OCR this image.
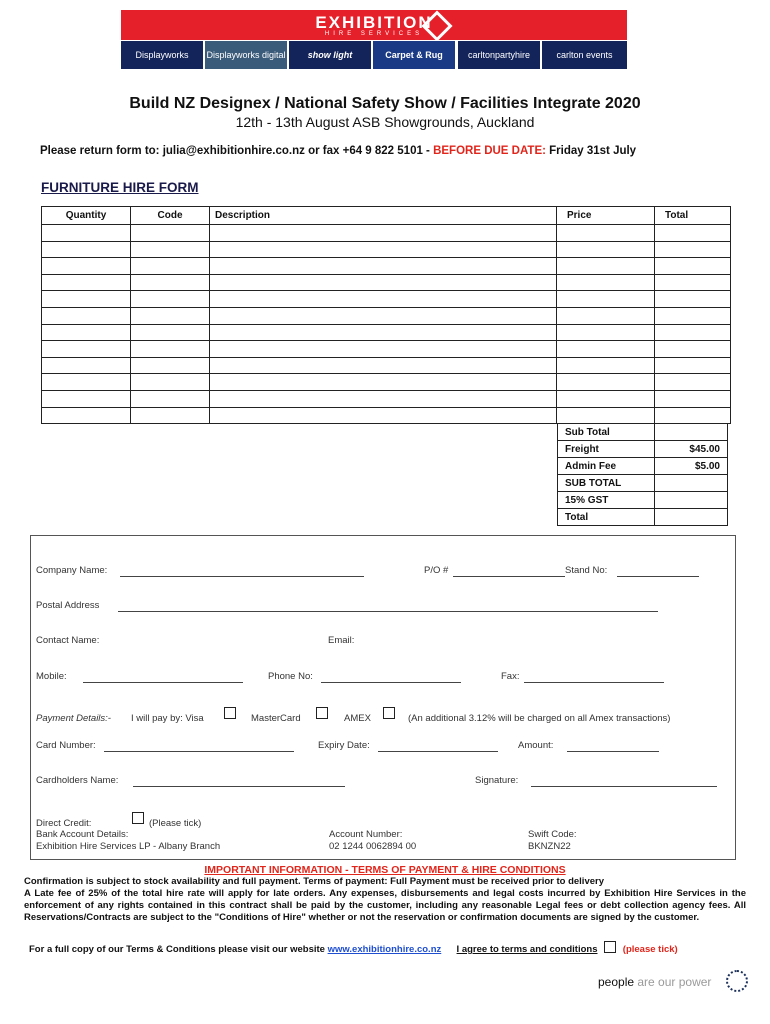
EXHIBITION
HIRE SERVICES
Displayworks	Displayworks digital	show light	Carpet & Rug	carltonpartyhire	carlton events
Build NZ Designex / National Safety Show / Facilities Integrate 2020
12th - 13th August ASB Showgrounds, Auckland
Please return form to: julia@exhibitionhire.co.nz or fax +64 9 822 5101 - BEFORE DUE DATE: Friday 31st July
FURNITURE HIRE FORM
Quantity	Code	Description	Price	Total

Sub Total	
Freight	$45.00
Admin Fee	$5.00
SUB TOTAL	
15% GST	
Total	
Company Name:	P/O #	Stand No:
Postal Address
Contact Name:	Email:
Mobile:	Phone No:	Fax:
Payment Details:- I will pay by: Visa	MasterCard	AMEX	(An additional 3.12% will be charged on all Amex transactions)
Card Number:	Expiry Date:	Amount:
Cardholders Name:	Signature:
Direct Credit:	(Please tick)
Bank Account Details:
Exhibition Hire Services LP - Albany Branch
Account Number:
02 1244 0062894 00
Swift Code:
BKNZN22
IMPORTANT INFORMATION - TERMS OF PAYMENT & HIRE CONDITIONS
Confirmation is subject to stock availability and full payment. Terms of payment: Full Payment must be received prior to delivery
A Late fee of 25% of the total hire rate will apply for late orders. Any expenses, disbursements and legal costs incurred by Exhibition Hire Services in the enforcement of any rights contained in this contract shall be paid by the customer, including any reasonable Legal fees or debt collection agency fees. All Reservations/Contracts are subject to the "Conditions of Hire" whether or not the reservation or confirmation documents are signed by the customer.
For a full copy of our Terms & Conditions please visit our website www.exhibitionhire.co.nz I agree to terms and conditions	(please tick)
people are our power
